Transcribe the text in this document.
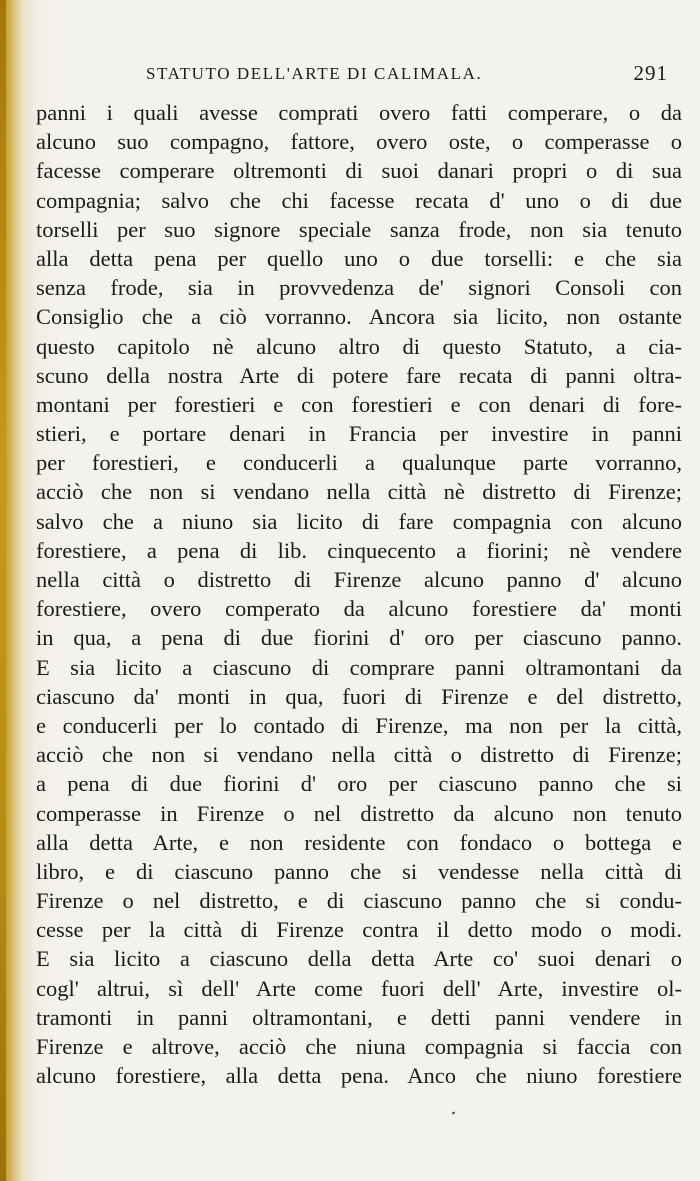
STATUTO DELL'ARTE DI CALIMALA.	291
panni i quali avesse comprati overo fatti comperare, o da
alcuno suo compagno, fattore, overo oste, o comperasse o
facesse comperare oltremonti di suoi danari propri o di sua
compagnia; salvo che chi facesse recata d' uno o di due
torselli per suo signore speciale sanza frode, non sia tenuto
alla detta pena per quello uno o due torselli: e che sia
senza frode, sia in provvedenza de' signori Consoli con
Consiglio che a ciò vorranno. Ancora sia licito, non ostante
questo capitolo nè alcuno altro di questo Statuto, a cia-
scuno della nostra Arte di potere fare recata di panni oltra-
montani per forestieri e con forestieri e con denari di fore-
stieri, e portare denari in Francia per investire in panni
per forestieri, e conducerli a qualunque parte vorranno,
acciò che non si vendano nella città nè distretto di Firenze;
salvo che a niuno sia licito di fare compagnia con alcuno
forestiere, a pena di lib. cinquecento a fiorini; nè vendere
nella città o distretto di Firenze alcuno panno d' alcuno
forestiere, overo comperato da alcuno forestiere da' monti
in qua, a pena di due fiorini d' oro per ciascuno panno.
E sia licito a ciascuno di comprare panni oltramontani da
ciascuno da' monti in qua, fuori di Firenze e del distretto,
e conducerli per lo contado di Firenze, ma non per la città,
acciò che non si vendano nella città o distretto di Firenze;
a pena di due fiorini d' oro per ciascuno panno che si
comperasse in Firenze o nel distretto da alcuno non tenuto
alla detta Arte, e non residente con fondaco o bottega e
libro, e di ciascuno panno che si vendesse nella città di
Firenze o nel distretto, e di ciascuno panno che si condu-
cesse per la città di Firenze contra il detto modo o modi.
E sia licito a ciascuno della detta Arte co' suoi denari o
cogl' altrui, sì dell' Arte come fuori dell' Arte, investire ol-
tramonti in panni oltramontani, e detti panni vendere in
Firenze e altrove, acciò che niuna compagnia si faccia con
alcuno forestiere, alla detta pena. Anco che niuno forestiere
